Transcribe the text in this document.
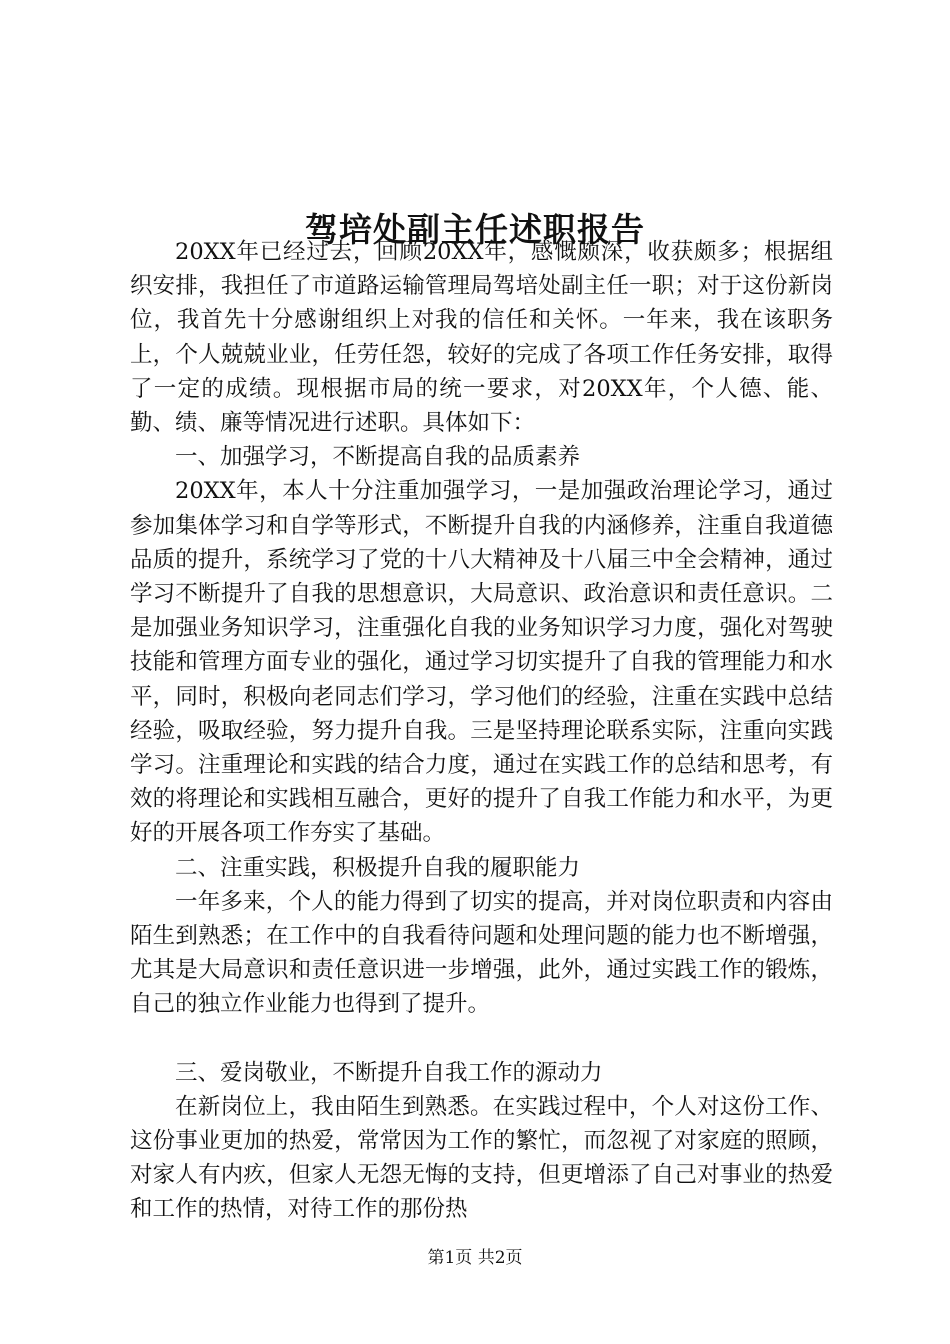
驾培处副主任述职报告

20XX年已经过去，回顾20XX年，感慨颇深，收获颇多；根据组织安排，我担任了市道路运输管理局驾培处副主任一职；对于这份新岗位，我首先十分感谢组织上对我的信任和关怀。一年来，我在该职务上，个人兢兢业业，任劳任怨，较好的完成了各项工作任务安排，取得了一定的成绩。现根据市局的统一要求，对20XX年，个人德、能、勤、绩、廉等情况进行述职。具体如下：

一、加强学习，不断提高自我的品质素养

20XX年，本人十分注重加强学习，一是加强政治理论学习，通过参加集体学习和自学等形式，不断提升自我的内涵修养，注重自我道德品质的提升，系统学习了党的十八大精神及十八届三中全会精神，通过学习不断提升了自我的思想意识，大局意识、政治意识和责任意识。二是加强业务知识学习，注重强化自我的业务知识学习力度，强化对驾驶技能和管理方面专业的强化，通过学习切实提升了自我的管理能力和水平，同时，积极向老同志们学习，学习他们的经验，注重在实践中总结经验，吸取经验，努力提升自我。三是坚持理论联系实际，注重向实践学习。注重理论和实践的结合力度，通过在实践工作的总结和思考，有效的将理论和实践相互融合，更好的提升了自我工作能力和水平，为更好的开展各项工作夯实了基础。

二、注重实践，积极提升自我的履职能力

一年多来，个人的能力得到了切实的提高，并对岗位职责和内容由陌生到熟悉；在工作中的自我看待问题和处理问题的能力也不断增强，尤其是大局意识和责任意识进一步增强，此外，通过实践工作的锻炼，自己的独立作业能力也得到了提升。

三、爱岗敬业，不断提升自我工作的源动力

在新岗位上，我由陌生到熟悉。在实践过程中，个人对这份工作、这份事业更加的热爱，常常因为工作的繁忙，而忽视了对家庭的照顾，对家人有内疚，但家人无怨无悔的支持，但更增添了自己对事业的热爱和工作的热情，对待工作的那份热

第1页 共2页
